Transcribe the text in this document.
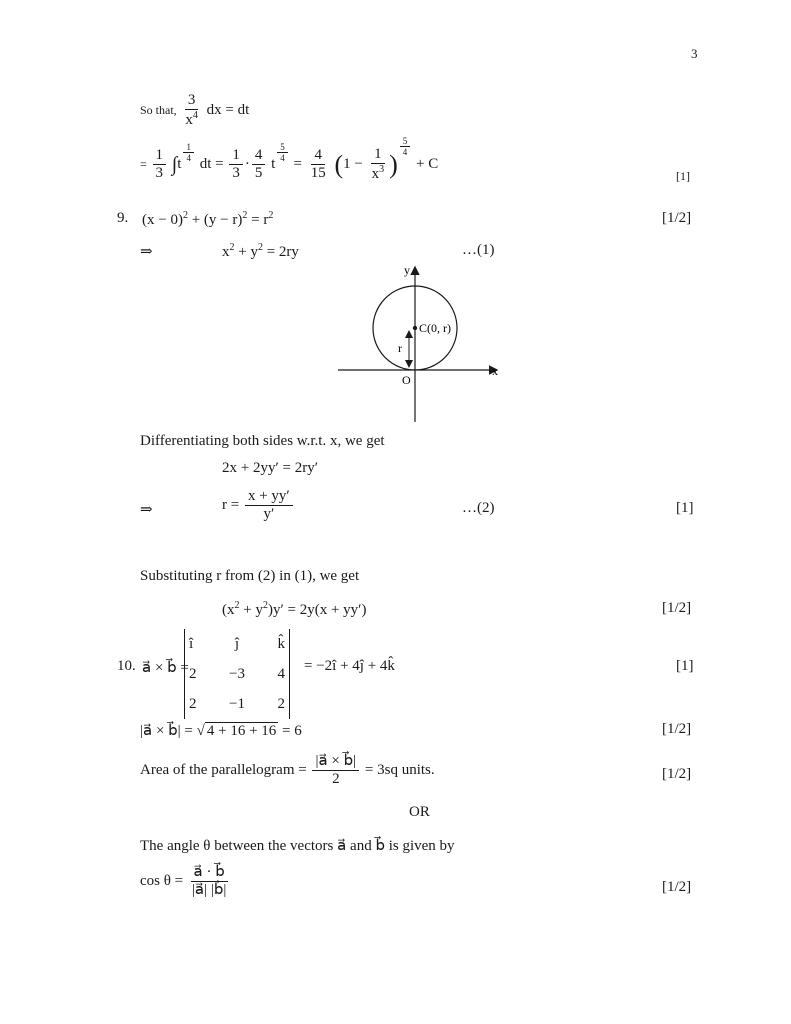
3
So that, $\frac{3}{x^4}$ dx = dt
= $\frac{1}{3} \int t$
$\frac{1}{4}$
dt = $\frac{1}{3} \cdot \frac{4}{5}$ t
$\frac{5}{4}$
= $\frac{4}{15} (1 - \frac{1}{x^3}$ )
$\frac{5}{4}$
+ C
[1]
9. $(x - 0)^2 + (y - r)^2 = r^2$	[1/2]
⇒	$x^2 + y^2 = 2ry$	…(1)
y
x
O
C(0, r)
r
Differentiating both sides w.r.t. x, we get
2x + 2yy′ = 2ry′
⇒	$r = \frac{x + yy'}{y'}$	…(2)	[1]
Substituting r from (2) in (1), we get
$(x^2 + y^2)y' = 2y(x + yy')$	[1/2]
10. a⃗ × b⃗ =
î	ĵ	k̂
2	−3	4
2	−1	2
= −2î + 4ĵ + 4k̂	[1]
|a⃗ × b⃗| = √ 4 + 16 + 16 = 6	[1/2]
Area of the parallelogram = $\frac{|a⃗ \times b⃗|}{2} = 3sq$ units.	[1/2]
OR
The angle θ between the vectors a⃗ and b⃗ is given by
$\cos \theta = \frac{a⃗ \cdot b⃗}{|a⃗| |b⃗|}$	[1/2]
